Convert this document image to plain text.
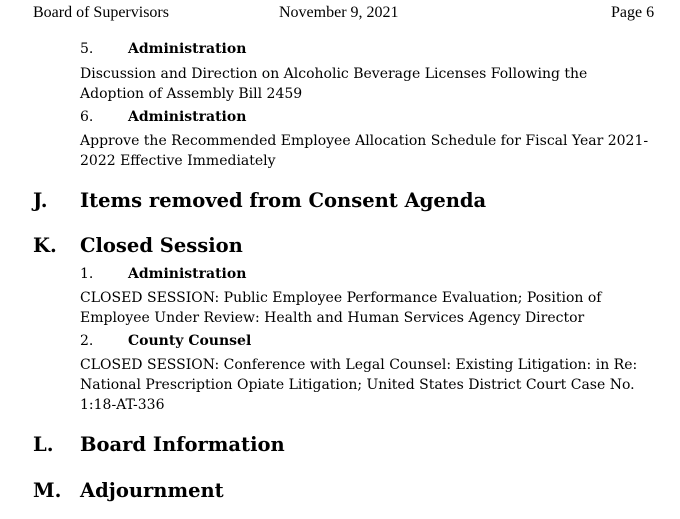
Board of Supervisors	November 9, 2021	Page 6
5. Administration
Discussion and Direction on Alcoholic Beverage Licenses Following the
Adoption of Assembly Bill 2459
6. Administration
Approve the Recommended Employee Allocation Schedule for Fiscal Year 2021-
2022 Effective Immediately
J. Items removed from Consent Agenda
K. Closed Session
1. Administration
CLOSED SESSION: Public Employee Performance Evaluation; Position of
Employee Under Review: Health and Human Services Agency Director
2. County Counsel
CLOSED SESSION: Conference with Legal Counsel: Existing Litigation: in Re:
National Prescription Opiate Litigation; United States District Court Case No.
1:18-AT-336
L. Board Information
M. Adjournment
